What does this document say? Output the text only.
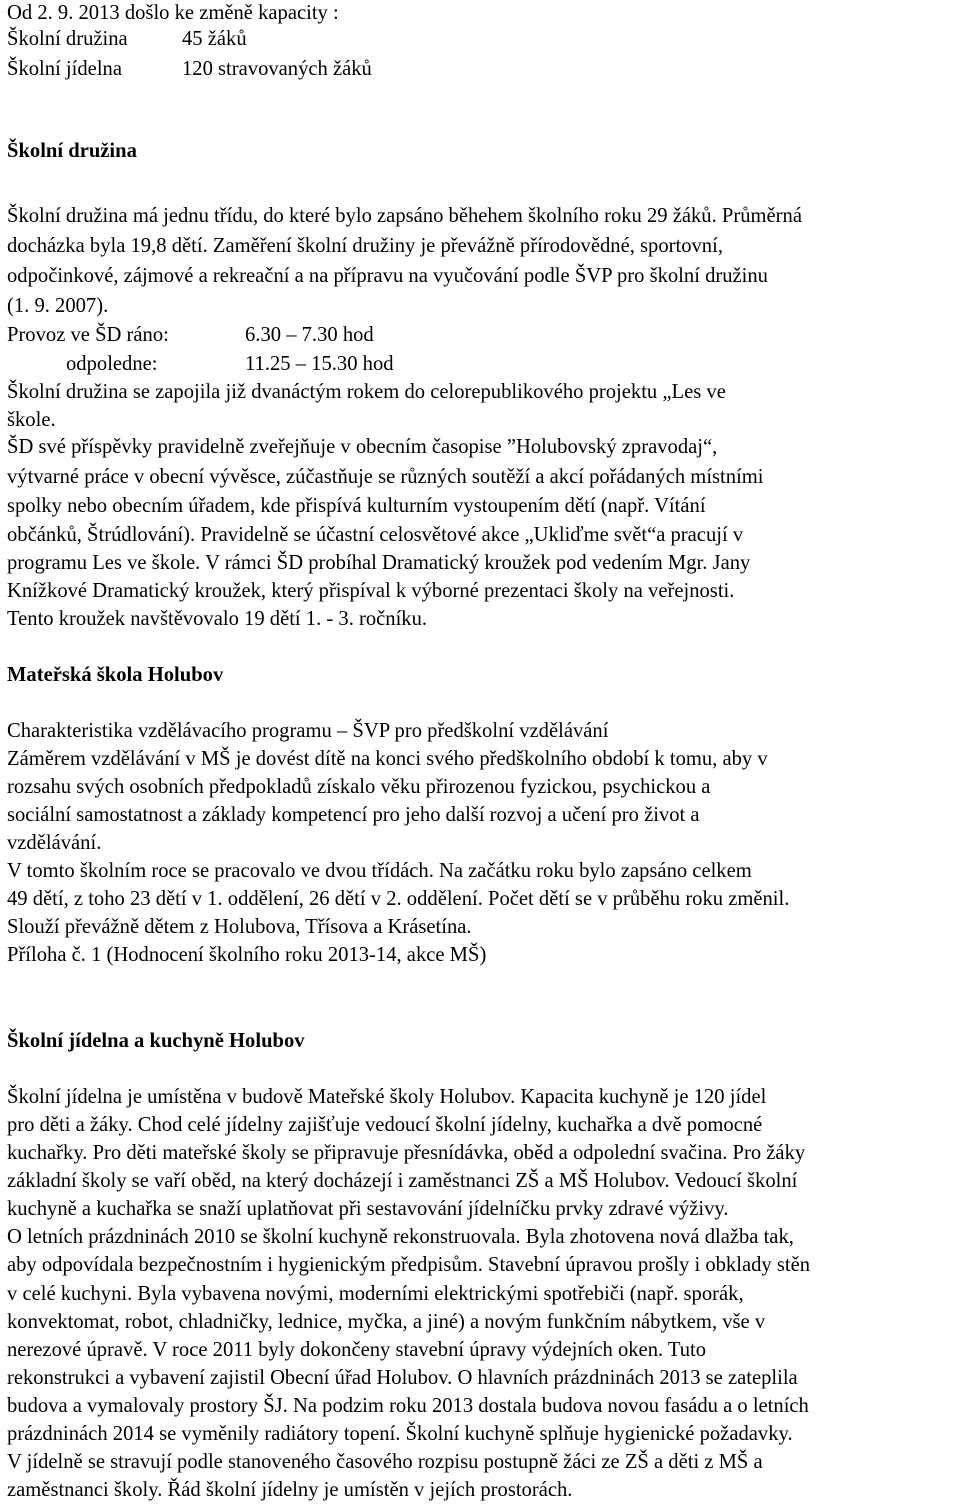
Od 2. 9. 2013 došlo ke změně kapacity :
Školní družina	45 žáků
Školní jídelna	120 stravovaných žáků
Školní družina
Školní družina má jednu třídu, do které bylo zapsáno běhehem školního roku 29 žáků. Průměrná
docházka byla 19,8 dětí. Zaměření školní družiny je převážně přírodovědné, sportovní,
odpočinkové, zájmové a rekreační a na přípravu na vyučování podle ŠVP pro školní družinu
(1. 9. 2007).
Provoz ve ŠD ráno:	6.30 – 7.30 hod
odpoledne:	11.25 – 15.30 hod
Školní družina se zapojila již dvanáctým rokem do celorepublikového projektu „Les ve
škole.
ŠD své příspěvky pravidelně zveřejňuje v obecním časopise ”Holubovský zpravodaj“,
výtvarné práce v obecní vývěsce, zúčastňuje se různých soutěží a akcí pořádaných místními
spolky nebo obecním úřadem, kde přispívá kulturním vystoupením dětí (např. Vítání
občánků, Štrúdlování). Pravidelně se účastní celosvětové akce „Ukliďme svět“a pracují v
programu Les ve škole. V rámci ŠD probíhal Dramatický kroužek pod vedením Mgr. Jany
Knížkové Dramatický kroužek, který přispíval k výborné prezentaci školy na veřejnosti.
Tento kroužek navštěvovalo 19 dětí 1. - 3. ročníku.
Mateřská škola Holubov
Charakteristika vzdělávacího programu – ŠVP pro předškolní vzdělávání
Záměrem vzdělávání v MŠ je dovést dítě na konci svého předškolního období k tomu, aby v
rozsahu svých osobních předpokladů získalo věku přirozenou fyzickou, psychickou a
sociální samostatnost a základy kompetencí pro jeho další rozvoj a učení pro život a
vzdělávání.
V tomto školním roce se pracovalo ve dvou třídách. Na začátku roku bylo zapsáno celkem
49 dětí, z toho 23 dětí v 1. oddělení, 26 dětí v 2. oddělení. Počet dětí se v průběhu roku změnil.
Slouží převážně dětem z Holubova, Třísova a Krásetína.
Příloha č. 1 (Hodnocení školního roku 2013-14, akce MŠ)
Školní jídelna a kuchyně Holubov
Školní jídelna je umístěna v budově Mateřské školy Holubov. Kapacita kuchyně je 120 jídel
pro děti a žáky. Chod celé jídelny zajišťuje vedoucí školní jídelny, kuchařka a dvě pomocné
kuchařky. Pro děti mateřské školy se připravuje přesnídávka, oběd a odpolední svačina. Pro žáky
základní školy se vaří oběd, na který docházejí i zaměstnanci ZŠ a MŠ Holubov. Vedoucí školní
kuchyně a kuchařka se snaží uplatňovat při sestavování jídelníčku prvky zdravé výživy.
O letních prázdninách 2010 se školní kuchyně rekonstruovala. Byla zhotovena nová dlažba tak,
aby odpovídala bezpečnostním i hygienickým předpisům. Stavební úpravou prošly i obklady stěn
v celé kuchyni. Byla vybavena novými, moderními elektrickými spotřebiči (např. sporák,
konvektomat, robot, chladničky, lednice, myčka, a jiné) a novým funkčním nábytkem, vše v
nerezové úpravě. V roce 2011 byly dokončeny stavební úpravy výdejních oken. Tuto
rekonstrukci a vybavení zajistil Obecní úřad Holubov. O hlavních prázdninách 2013 se zateplila
budova a vymalovaly prostory ŠJ. Na podzim roku 2013 dostala budova novou fasádu a o letních
prázdninách 2014 se vyměnily radiátory topení. Školní kuchyně splňuje hygienické požadavky.
V jídelně se stravují podle stanoveného časového rozpisu postupně žáci ze ZŠ a děti z MŠ a
zaměstnanci školy. Řád školní jídelny je umístěn v jejích prostorách.
